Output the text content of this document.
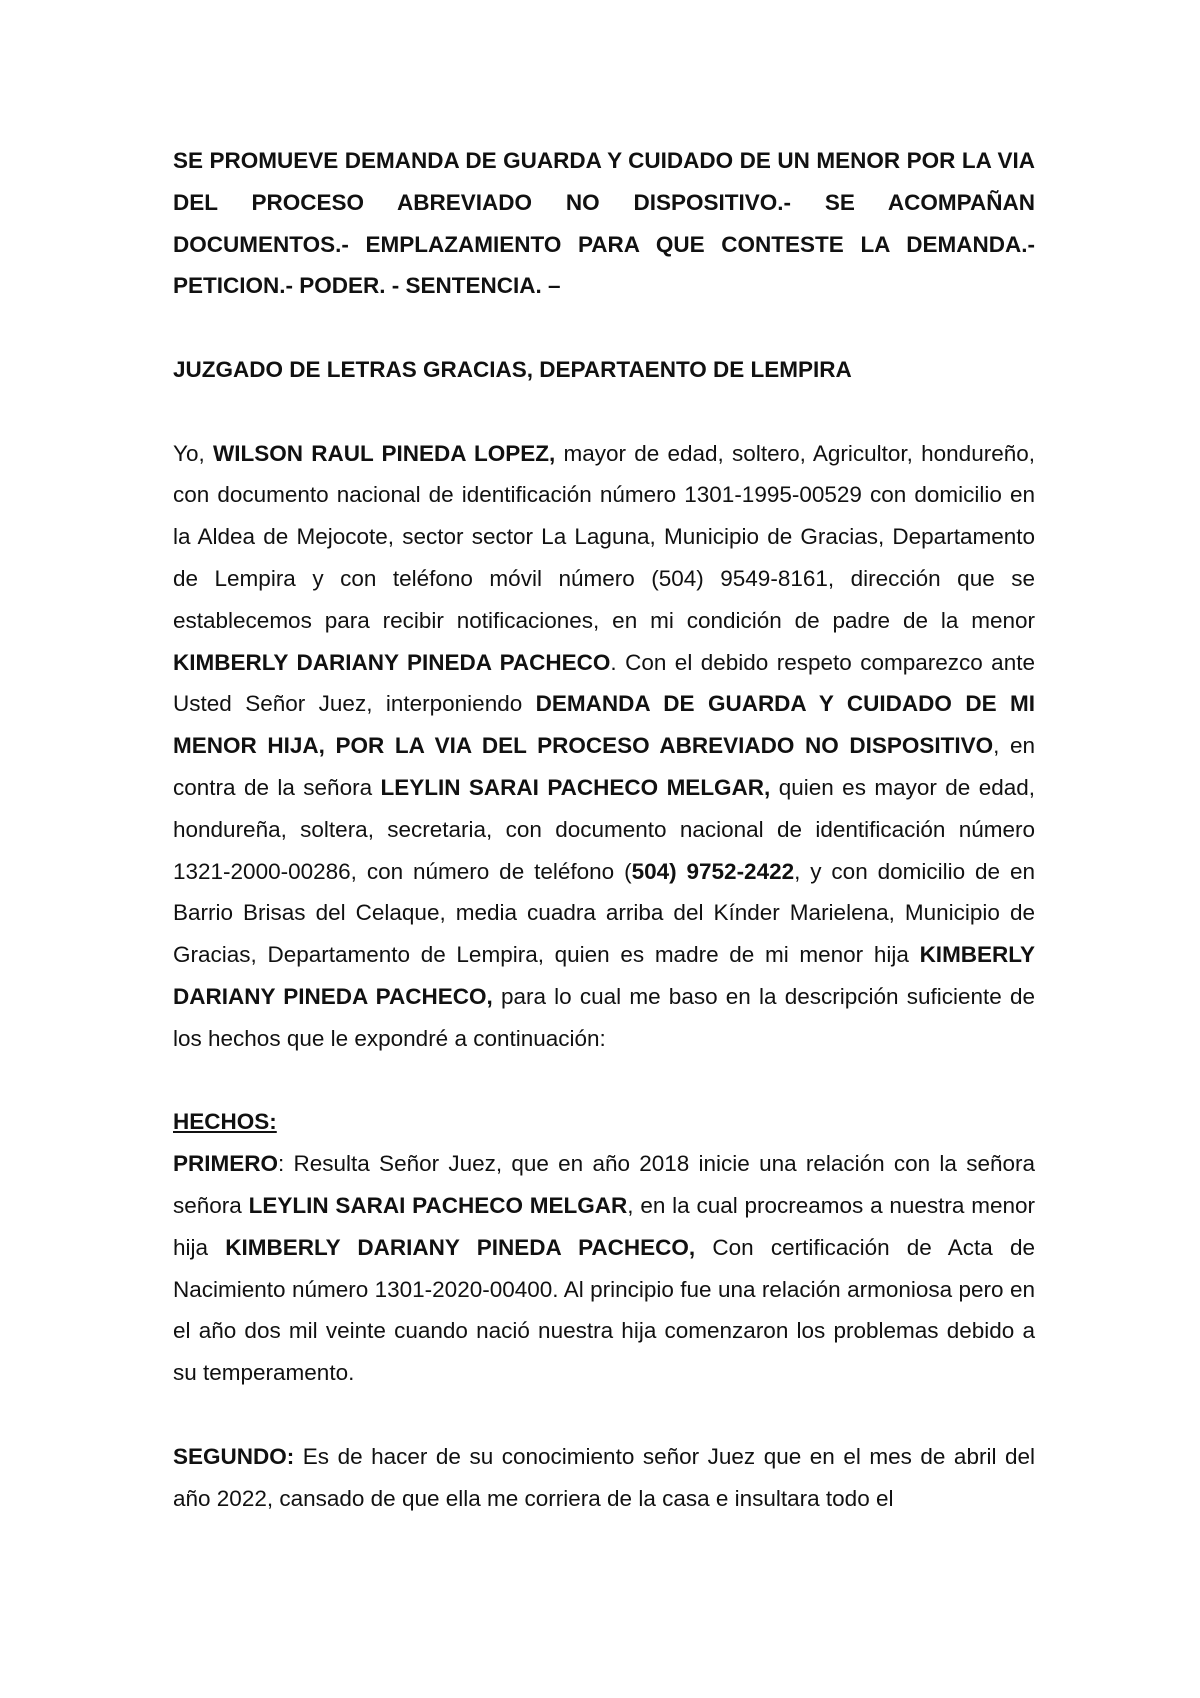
SE PROMUEVE DEMANDA DE GUARDA Y CUIDADO DE UN MENOR POR LA VIA DEL PROCESO ABREVIADO NO DISPOSITIVO.- SE ACOMPAÑAN DOCUMENTOS.- EMPLAZAMIENTO PARA QUE CONTESTE LA DEMANDA.- PETICION.- PODER. - SENTENCIA. –

JUZGADO DE LETRAS GRACIAS, DEPARTAENTO DE LEMPIRA

Yo, WILSON RAUL PINEDA LOPEZ, mayor de edad, soltero, Agricultor, hondureño, con documento nacional de identificación número 1301-1995-00529 con domicilio en la Aldea de Mejocote, sector sector La Laguna, Municipio de Gracias, Departamento de Lempira y con teléfono móvil número (504) 9549-8161, dirección que se establecemos para recibir notificaciones, en mi condición de padre de la menor KIMBERLY DARIANY PINEDA PACHECO. Con el debido respeto comparezco ante Usted Señor Juez, interponiendo DEMANDA DE GUARDA Y CUIDADO DE MI MENOR HIJA, POR LA VIA DEL PROCESO ABREVIADO NO DISPOSITIVO, en contra de la señora LEYLIN SARAI PACHECO MELGAR, quien es mayor de edad, hondureña, soltera, secretaria, con documento nacional de identificación número 1321-2000-00286, con número de teléfono (504) 9752-2422, y con domicilio de en Barrio Brisas del Celaque, media cuadra arriba del Kínder Marielena, Municipio de Gracias, Departamento de Lempira, quien es madre de mi menor hija KIMBERLY DARIANY PINEDA PACHECO, para lo cual me baso en la descripción suficiente de los hechos que le expondré a continuación:

HECHOS:

PRIMERO: Resulta Señor Juez, que en año 2018 inicie una relación con la señora señora LEYLIN SARAI PACHECO MELGAR, en la cual procreamos a nuestra menor hija KIMBERLY DARIANY PINEDA PACHECO, Con certificación de Acta de Nacimiento número 1301-2020-00400. Al principio fue una relación armoniosa pero en el año dos mil veinte cuando nació nuestra hija comenzaron los problemas debido a su temperamento.

SEGUNDO: Es de hacer de su conocimiento señor Juez que en el mes de abril del año 2022, cansado de que ella me corriera de la casa e insultara todo el
